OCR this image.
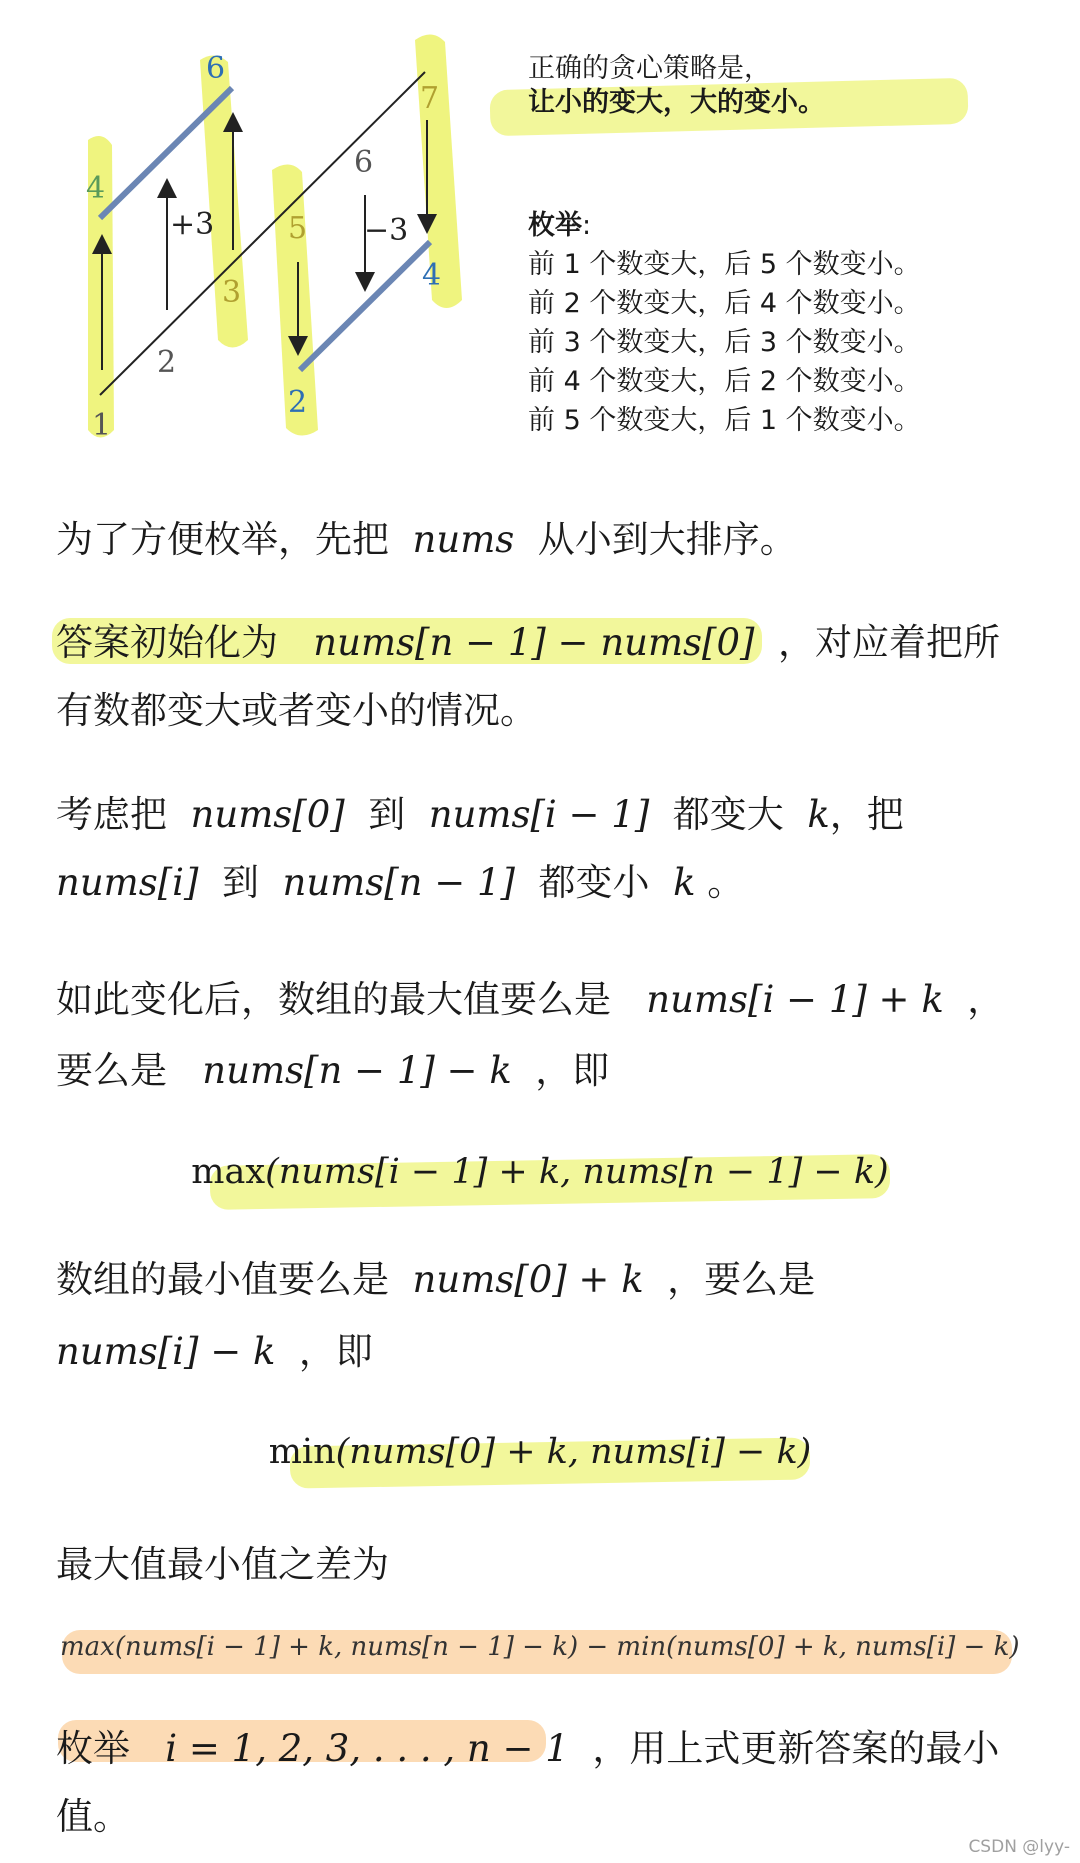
1
4
6
3
5
2
7
4
2
6
+3	−3
正确的贪心策略是，
让小的变大，大的变小。
枚举:
前 1 个数变大，后 5 个数变小。
前 2 个数变大，后 4 个数变小。
前 3 个数变大，后 3 个数变小。
前 4 个数变大，后 2 个数变小。
前 5 个数变大，后 1 个数变小。
为了方便枚举，先把 nums 从小到大排序。
答案初始化为 nums[n − 1] − nums[0] ，对应着把所
有数都变大或者变小的情况。
考虑把 nums[0] 到 nums[i − 1] 都变大 k，把
nums[i] 到 nums[n − 1] 都变小 k 。
如此变化后，数组的最大值要么是 nums[i − 1] + k ，
要么是 nums[n − 1] − k ，即
max(nums[i − 1] + k, nums[n − 1] − k)
数组的最小值要么是 nums[0] + k ，要么是
nums[i] − k ，即
min(nums[0] + k, nums[i] − k)
最大值最小值之差为
max(nums[i − 1] + k, nums[n − 1] − k) − min(nums[0] + k, nums[i] − k)
枚举 i = 1, 2, 3, . . . , n − 1 ，用上式更新答案的最小
值。
CSDN @lyy-
